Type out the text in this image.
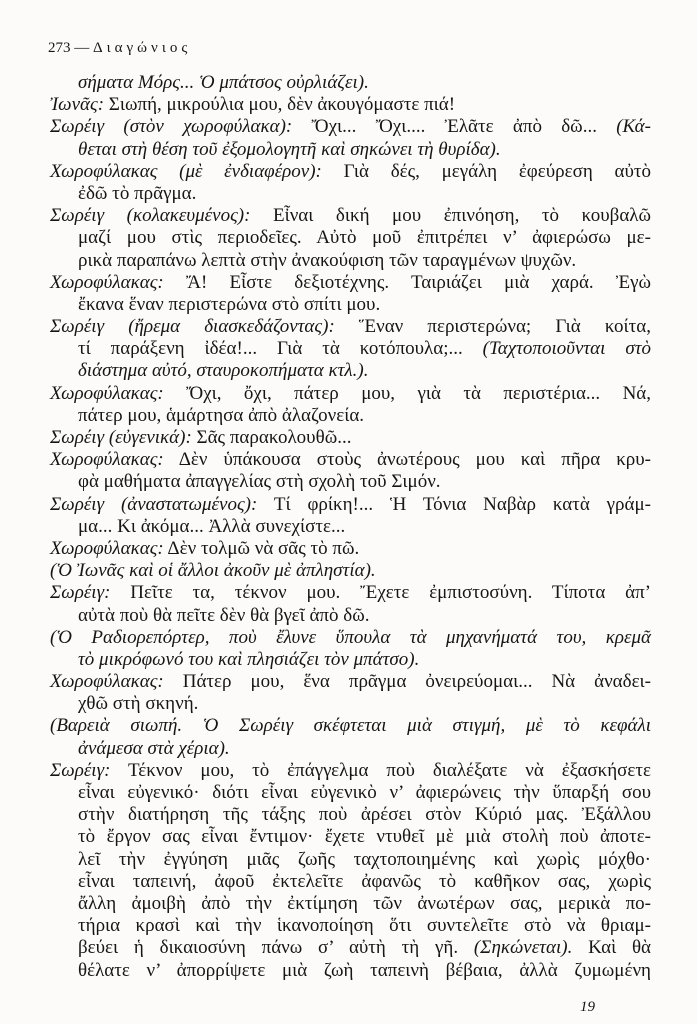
273 — Διαγώνιος
σήματα Μόρς... Ὁ μπάτσος οὐρλιάζει).
Ἰωνᾶς: Σιωπή, μικρούλια μου, δὲν ἀκουγόμαστε πιά!
Σωρέιγ (στὸν χωροφύλακα): Ὄχι... Ὄχι.... Ἐλᾶτε ἀπὸ δῶ... (Κά-
θεται στὴ θέση τοῦ ἐξομολογητῆ καὶ σηκώνει τὴ θυρίδα).
Χωροφύλακας (μὲ ἐνδιαφέρον): Γιὰ δές, μεγάλη ἐφεύρεση αὐτὸ
ἐδῶ τὸ πρᾶγμα.
Σωρέιγ (κολακευμένος): Εἶναι δική μου ἐπινόηση, τὸ κουβαλῶ
μαζί μου στὶς περιοδεῖες. Αὐτὸ μοῦ ἐπιτρέπει ν’ ἀφιερώσω με-
ρικὰ παραπάνω λεπτὰ στὴν ἀνακούφιση τῶν ταραγμένων ψυχῶν.
Χωροφύλακας: Ἄ! Εἶστε δεξιοτέχνης. Ταιριάζει μιὰ χαρά. Ἐγὼ
ἔκανα ἕναν περιστερώνα στὸ σπίτι μου.
Σωρέιγ (ἤρεμα διασκεδάζοντας): Ἕναν περιστερώνα; Γιὰ κοίτα,
τί παράξενη ἰδέα!... Γιὰ τὰ κοτόπουλα;... (Ταχτοποιοῦνται στὸ
διάστημα αὐτό, σταυροκοπήματα κτλ.).
Χωροφύλακας: Ὄχι, ὄχι, πάτερ μου, γιὰ τὰ περιστέρια... Νά,
πάτερ μου, ἁμάρτησα ἀπὸ ἀλαζονεία.
Σωρέιγ (εὐγενικά): Σᾶς παρακολουθῶ...
Χωροφύλακας: Δὲν ὑπάκουσα στοὺς ἀνωτέρους μου καὶ πῆρα κρυ-
φὰ μαθήματα ἀπαγγελίας στὴ σχολὴ τοῦ Σιμόν.
Σωρέιγ (ἀναστατωμένος): Τί φρίκη!... Ἡ Τόνια Ναβὰρ κατὰ γράμ-
μα... Κι ἀκόμα... Ἀλλὰ συνεχίστε...
Χωροφύλακας: Δὲν τολμῶ νὰ σᾶς τὸ πῶ.
(Ὁ Ἰωνᾶς καὶ οἱ ἄλλοι ἀκοῦν μὲ ἀπληστία).
Σωρέιγ: Πεῖτε τα, τέκνον μου. Ἔχετε ἐμπιστοσύνη. Τίποτα ἀπ’
αὐτὰ ποὺ θὰ πεῖτε δὲν θὰ βγεῖ ἀπὸ δῶ.
(Ὁ Ραδιορεπόρτερ, ποὺ ἔλυνε ὕπουλα τὰ μηχανήματά του, κρεμᾶ
τὸ μικρόφωνό του καὶ πλησιάζει τὸν μπάτσο).
Χωροφύλακας: Πάτερ μου, ἕνα πρᾶγμα ὀνειρεύομαι... Νὰ ἀναδει-
χθῶ στὴ σκηνή.
(Βαρειὰ σιωπή. Ὁ Σωρέιγ σκέφτεται μιὰ στιγμή, μὲ τὸ κεφάλι
ἀνάμεσα στὰ χέρια).
Σωρέιγ: Τέκνον μου, τὸ ἐπάγγελμα ποὺ διαλέξατε νὰ ἐξασκήσετε
εἶναι εὐγενικό· διότι εἶναι εὐγενικὸ ν’ ἀφιερώνεις τὴν ὕπαρξή σου
στὴν διατήρηση τῆς τάξης ποὺ ἀρέσει στὸν Κύριό μας. Ἐξάλλου
τὸ ἔργον σας εἶναι ἔντιμον· ἔχετε ντυθεῖ μὲ μιὰ στολὴ ποὺ ἀποτε-
λεῖ τὴν ἐγγύηση μιᾶς ζωῆς ταχτοποιημένης καὶ χωρὶς μόχθο·
εἶναι ταπεινή, ἀφοῦ ἐκτελεῖτε ἀφανῶς τὸ καθῆκον σας, χωρὶς
ἄλλη ἀμοιβὴ ἀπὸ τὴν ἐκτίμηση τῶν ἀνωτέρων σας, μερικὰ πο-
τήρια κρασὶ καὶ τὴν ἱκανοποίηση ὅτι συντελεῖτε στὸ νὰ θριαμ-
βεύει ἡ δικαιοσύνη πάνω σ’ αὐτὴ τὴ γῆ. (Σηκώνεται). Καὶ θὰ
θέλατε ν’ ἀπορρίψετε μιὰ ζωὴ ταπεινὴ βέβαια, ἀλλὰ ζυμωμένη
19
